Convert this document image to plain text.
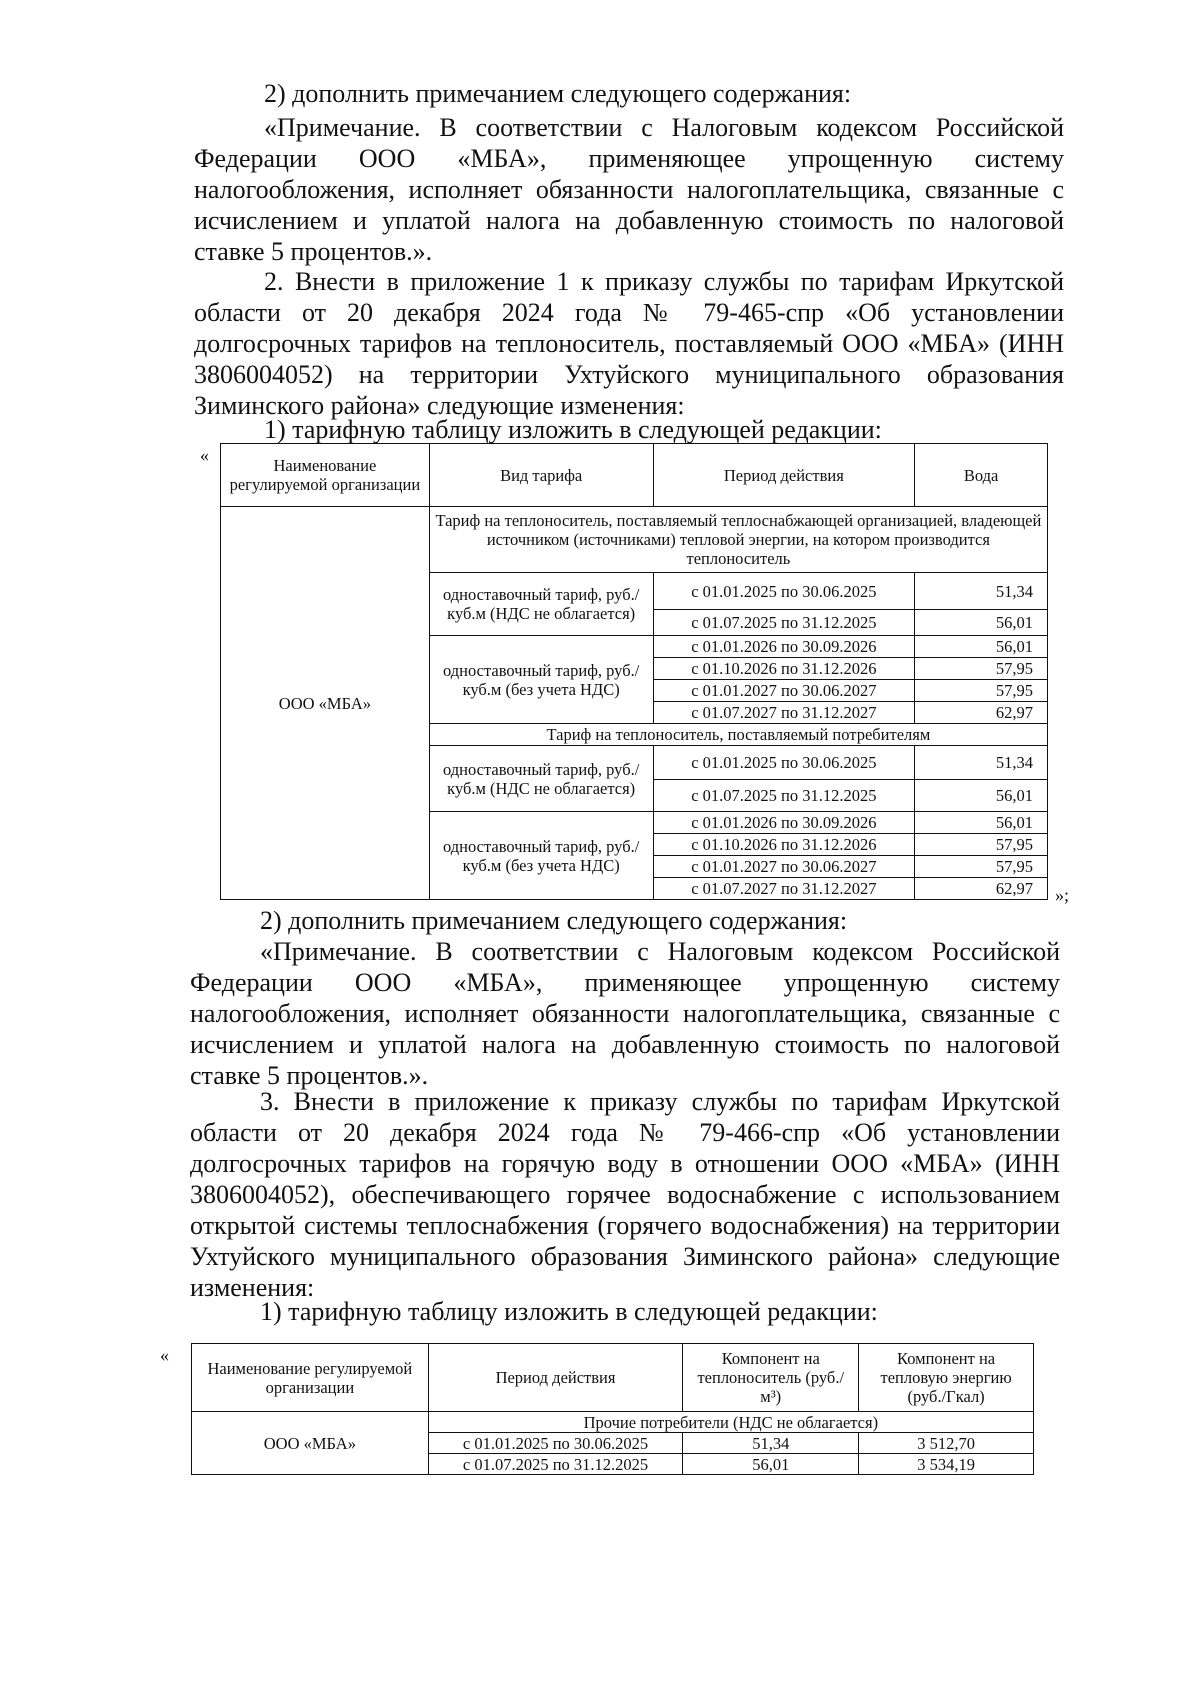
2) дополнить примечанием следующего содержания:
«Примечание. В соответствии с Налоговым кодексом Российской Федерации ООО «МБА», применяющее упрощенную систему налогообложения, исполняет обязанности налогоплательщика, связанные с исчислением и уплатой налога на добавленную стоимость по налоговой ставке 5 процентов.».
2. Внести в приложение 1 к приказу службы по тарифам Иркутской области от 20 декабря 2024 года № 79-465-спр «Об установлении долгосрочных тарифов на теплоноситель, поставляемый ООО «МБА» (ИНН 3806004052) на территории Ухтуйского муниципального образования Зиминского района» следующие изменения:
1) тарифную таблицу изложить в следующей редакции:
«
Наименование регулируемой организации	Вид тарифа	Период действия	Вода
ООО «МБА»	Тариф на теплоноситель, поставляемый теплоснабжающей организацией, владеющей источником (источниками) тепловой энергии, на котором производится теплоноситель		
	одноставочный тариф, руб./куб.м (НДС не облагается)	с 01.01.2025 по 30.06.2025	51,34
		с 01.07.2025 по 31.12.2025	56,01
	одноставочный тариф, руб./куб.м (без учета НДС)	с 01.01.2026 по 30.09.2026	56,01
		с 01.10.2026 по 31.12.2026	57,95
		с 01.01.2027 по 30.06.2027	57,95
		с 01.07.2027 по 31.12.2027	62,97
	Тариф на теплоноситель, поставляемый потребителям		
	одноставочный тариф, руб./куб.м (НДС не облагается)	с 01.01.2025 по 30.06.2025	51,34
		с 01.07.2025 по 31.12.2025	56,01
	одноставочный тариф, руб./куб.м (без учета НДС)	с 01.01.2026 по 30.09.2026	56,01
		с 01.10.2026 по 31.12.2026	57,95
		с 01.01.2027 по 30.06.2027	57,95
		с 01.07.2027 по 31.12.2027	62,97 »;
2) дополнить примечанием следующего содержания:
«Примечание. В соответствии с Налоговым кодексом Российской Федерации ООО «МБА», применяющее упрощенную систему налогообложения, исполняет обязанности налогоплательщика, связанные с исчислением и уплатой налога на добавленную стоимость по налоговой ставке 5 процентов.».
3. Внести в приложение к приказу службы по тарифам Иркутской области от 20 декабря 2024 года № 79-466-спр «Об установлении долгосрочных тарифов на горячую воду в отношении ООО «МБА» (ИНН 3806004052), обеспечивающего горячее водоснабжение с использованием открытой системы теплоснабжения (горячего водоснабжения) на территории Ухтуйского муниципального образования Зиминского района» следующие изменения:
1) тарифную таблицу изложить в следующей редакции:
«
Наименование регулируемой организации	Период действия	Компонент на теплоноситель (руб./м³)	Компонент на тепловую энергию (руб./Гкал)
ООО «МБА»	Прочие потребители (НДС не облагается)		
	с 01.01.2025 по 30.06.2025	51,34	3 512,70
	с 01.07.2025 по 31.12.2025	56,01	3 534,19
